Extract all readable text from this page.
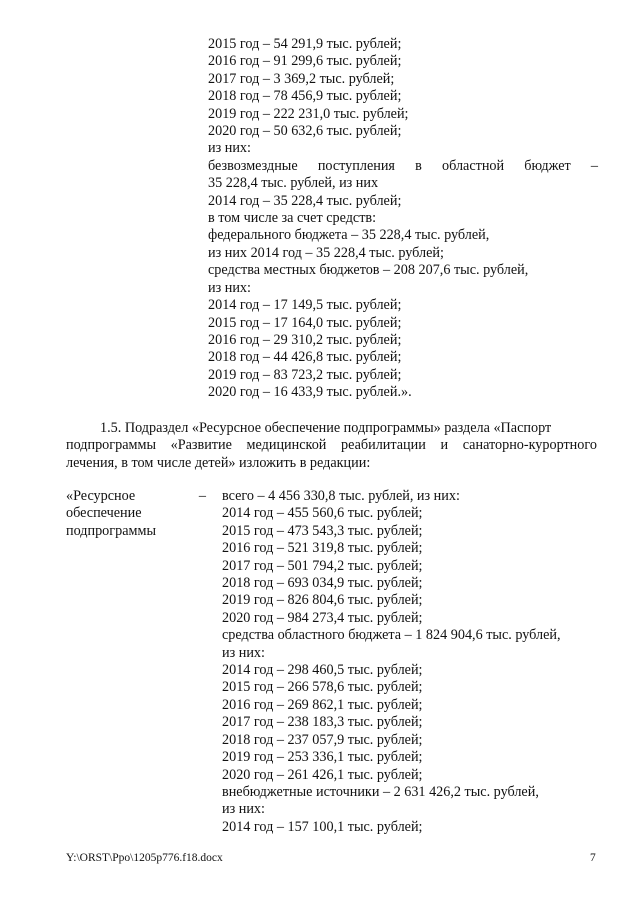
2015 год – 54 291,9 тыс. рублей;
2016 год – 91 299,6 тыс. рублей;
2017 год – 3 369,2 тыс. рублей;
2018 год – 78 456,9 тыс. рублей;
2019 год – 222 231,0 тыс. рублей;
2020 год – 50 632,6 тыс. рублей;
из них:
безвозмездные поступления в областной бюджет –
35 228,4 тыс. рублей, из них
2014 год – 35 228,4 тыс. рублей;
в том числе за счет средств:
федерального бюджета – 35 228,4 тыс. рублей,
из них 2014 год – 35 228,4 тыс. рублей;
средства местных бюджетов – 208 207,6 тыс. рублей,
из них:
2014 год – 17 149,5 тыс. рублей;
2015 год – 17 164,0 тыс. рублей;
2016 год – 29 310,2 тыс. рублей;
2018 год – 44 426,8 тыс. рублей;
2019 год – 83 723,2 тыс. рублей;
2020 год – 16 433,9 тыс. рублей.».
1.5. Подраздел «Ресурсное обеспечение подпрограммы» раздела «Паспорт
подпрограммы «Развитие медицинской реабилитации и санаторно-курортного
лечения, в том числе детей» изложить в редакции:
«Ресурсное	–
обеспечение
подпрограммы
всего – 4 456 330,8 тыс. рублей, из них:
2014 год – 455 560,6 тыс. рублей;
2015 год – 473 543,3 тыс. рублей;
2016 год – 521 319,8 тыс. рублей;
2017 год – 501 794,2 тыс. рублей;
2018 год – 693 034,9 тыс. рублей;
2019 год – 826 804,6 тыс. рублей;
2020 год – 984 273,4 тыс. рублей;
средства областного бюджета – 1 824 904,6 тыс. рублей,
из них:
2014 год – 298 460,5 тыс. рублей;
2015 год – 266 578,6 тыс. рублей;
2016 год – 269 862,1 тыс. рублей;
2017 год – 238 183,3 тыс. рублей;
2018 год – 237 057,9 тыс. рублей;
2019 год – 253 336,1 тыс. рублей;
2020 год – 261 426,1 тыс. рублей;
внебюджетные источники – 2 631 426,2 тыс. рублей,
из них:
2014 год – 157 100,1 тыс. рублей;
Y:\ORST\Ppo\1205p776.f18.docx	7
